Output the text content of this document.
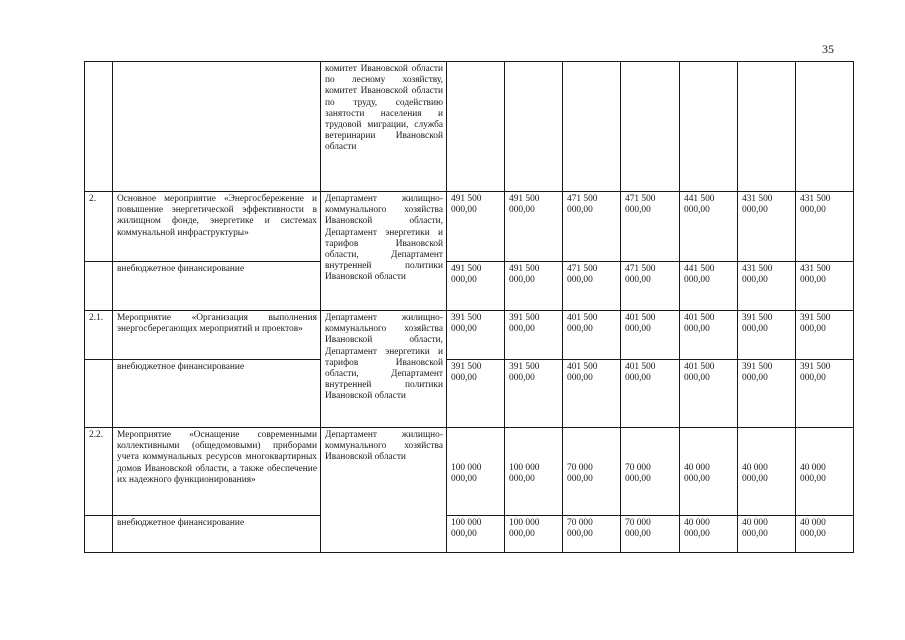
35
		комитет Ивановской области по лесному хозяйству, комитет Ивановской области по труду, содействию занятости населения и трудовой миграции, служба ветеринарии Ивановской области							
2.	Основное мероприятие «Энергосбережение и повышение энергетической эффективности в жилищном фонде, энергетике и системах коммунальной инфраструктуры»	Департамент жилищно-коммунального хозяйства Ивановской области, Департамент энергетики и тарифов Ивановской области, Департамент внутренней политики Ивановской области	491 500 000,00	491 500 000,00	471 500 000,00	471 500 000,00	441 500 000,00	431 500 000,00	431 500 000,00
	внебюджетное финансирование		491 500 000,00	491 500 000,00	471 500 000,00	471 500 000,00	441 500 000,00	431 500 000,00	431 500 000,00
2.1.	Мероприятие «Организация выполнения энергосберегающих мероприятий и проектов»	Департамент жилищно-коммунального хозяйства Ивановской области, Департамент энергетики и тарифов Ивановской области, Департамент внутренней политики Ивановской области	391 500 000,00	391 500 000,00	401 500 000,00	401 500 000,00	401 500 000,00	391 500 000,00	391 500 000,00
	внебюджетное финансирование		391 500 000,00	391 500 000,00	401 500 000,00	401 500 000,00	401 500 000,00	391 500 000,00	391 500 000,00
2.2.	Мероприятие «Оснащение современными коллективными (общедомовыми) приборами учета коммунальных ресурсов многоквартирных домов Ивановской области, а также обеспечение их надежного функционирования»	Департамент жилищно-коммунального хозяйства Ивановской области	100 000 000,00	100 000 000,00	70 000 000,00	70 000 000,00	40 000 000,00	40 000 000,00	40 000 000,00
	внебюджетное финансирование		100 000 000,00	100 000 000,00	70 000 000,00	70 000 000,00	40 000 000,00	40 000 000,00	40 000 000,00
